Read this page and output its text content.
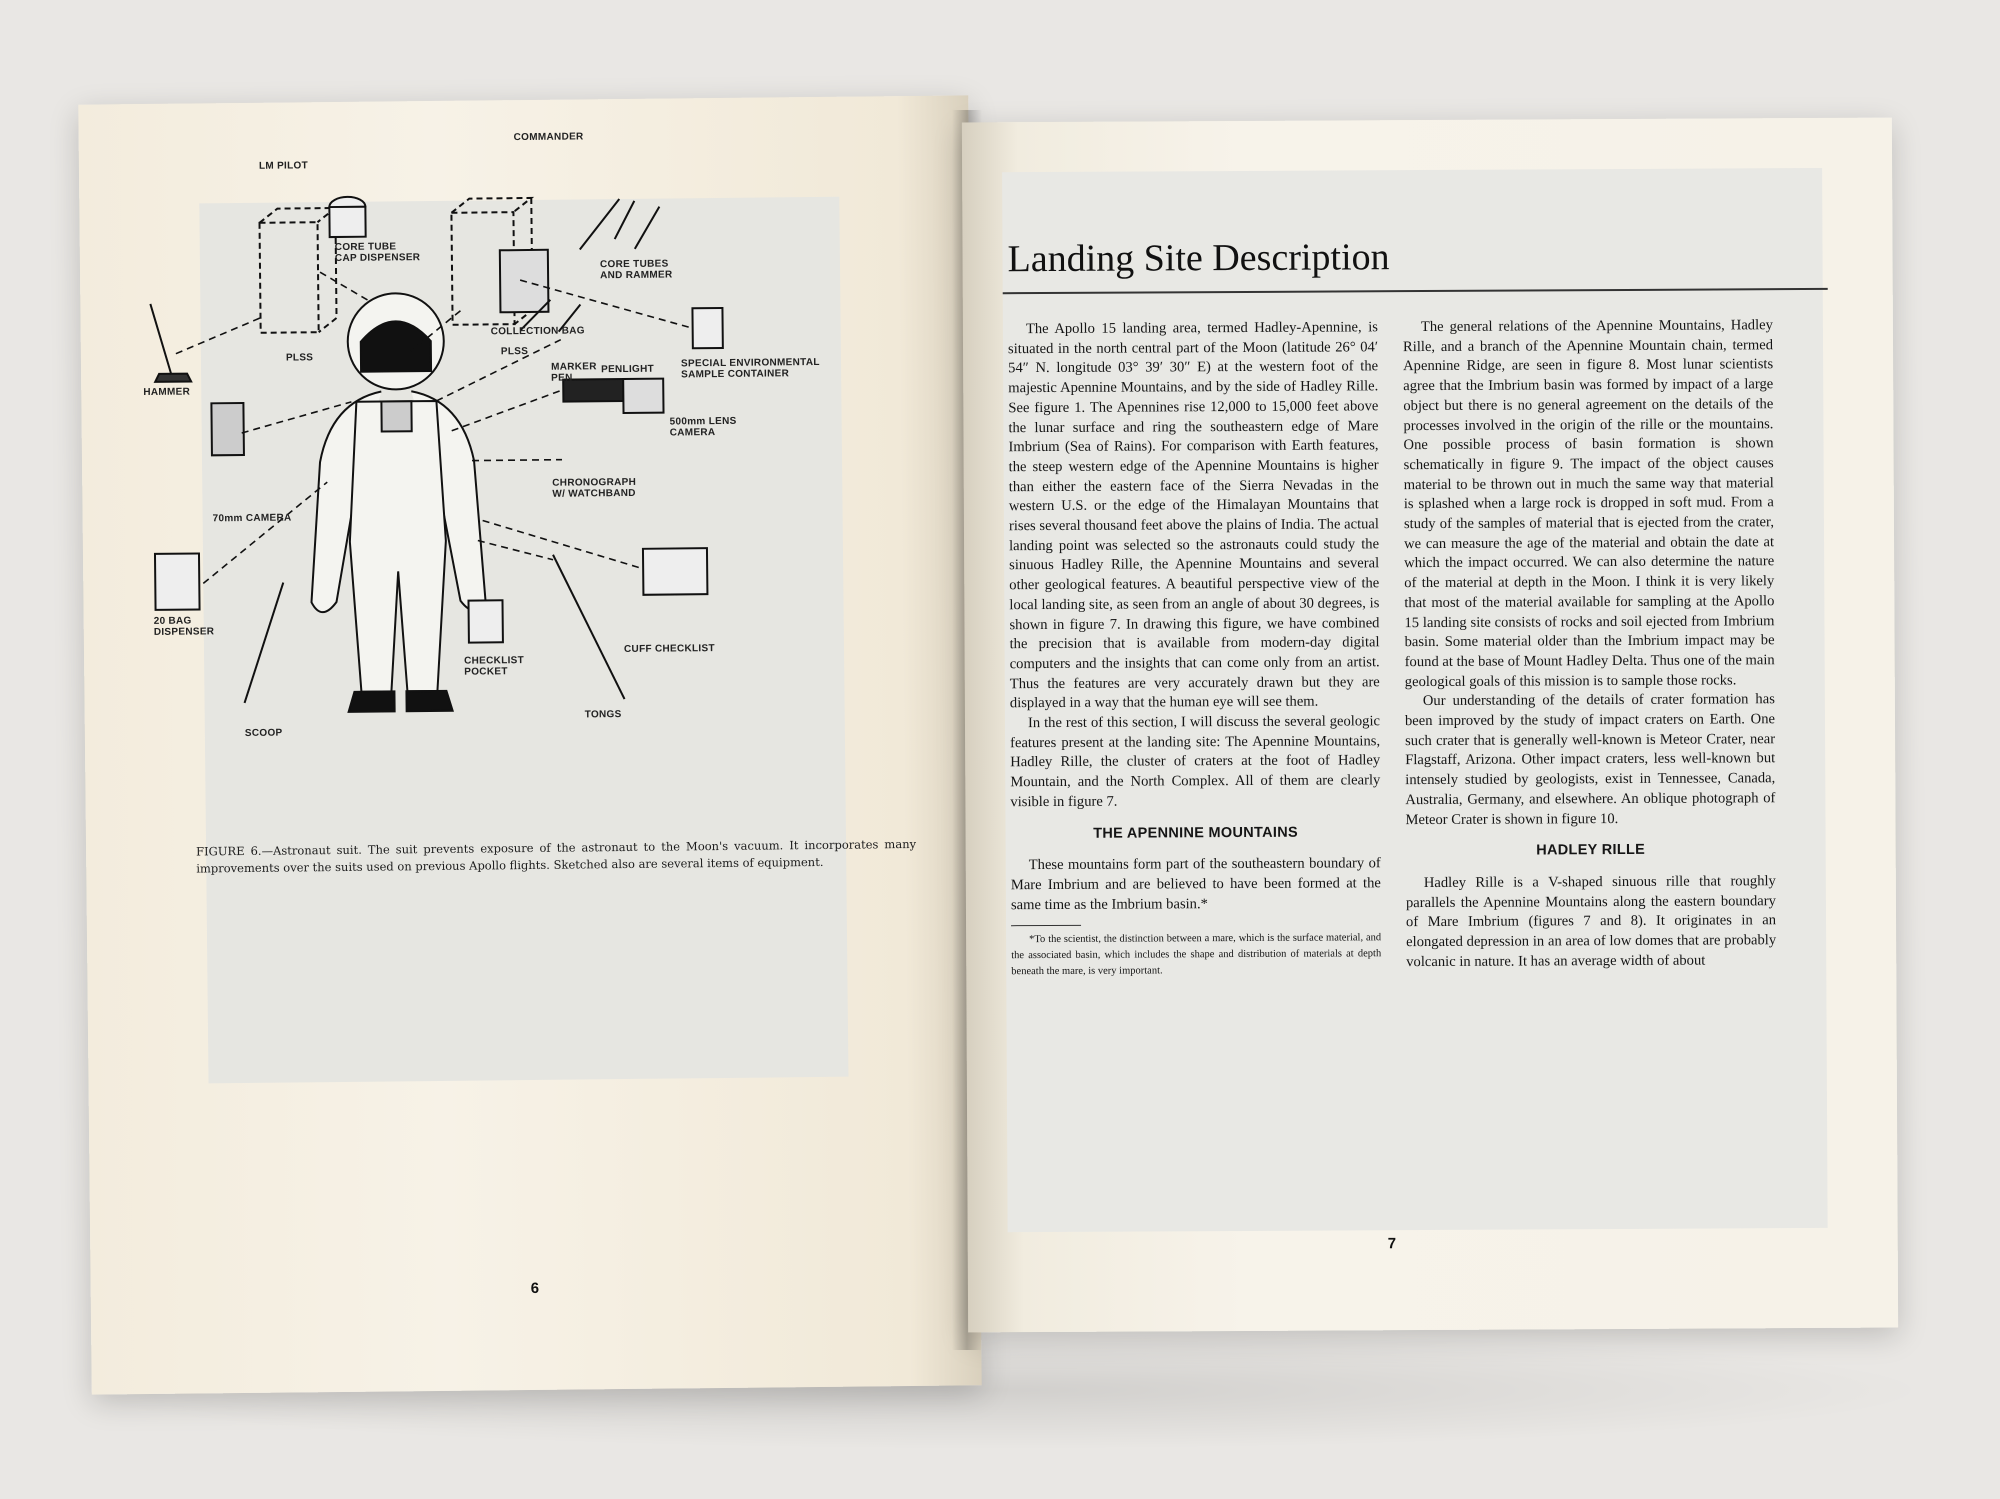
COMMANDER
LM PILOT
CORE TUBE
CAP DISPENSER
CORE TUBES
AND RAMMER
COLLECTION BAG
PLSS
PLSS
HAMMER
MARKER
PEN
PENLIGHT
SPECIAL ENVIRONMENTAL
SAMPLE CONTAINER
500mm LENS
CAMERA
CHRONOGRAPH
W/ WATCHBAND
70mm CAMERA
20 BAG
DISPENSER
CHECKLIST
POCKET
CUFF CHECKLIST
TONGS
SCOOP
FIGURE 6.—Astronaut suit. The suit prevents exposure of the astronaut to the Moon's vacuum. It incorporates many improvements over the suits used on previous Apollo flights. Sketched also are several items of equipment.
6
Landing Site Description

The Apollo 15 landing area, termed Hadley-Apennine, is situated in the north central part of the Moon (latitude 26° 04′ 54″ N. longitude 03° 39′ 30″ E) at the western foot of the majestic Apennine Mountains, and by the side of Hadley Rille. See figure 1. The Apennines rise 12,000 to 15,000 feet above the lunar surface and ring the southeastern edge of Mare Imbrium (Sea of Rains). For comparison with Earth features, the steep western edge of the Apennine Mountains is higher than either the eastern face of the Sierra Nevadas in the western U.S. or the edge of the Himalayan Mountains that rises several thousand feet above the plains of India. The actual landing point was selected so the astronauts could study the sinuous Hadley Rille, the Apennine Mountains and several other geological features. A beautiful perspective view of the local landing site, as seen from an angle of about 30 degrees, is shown in figure 7. In drawing this figure, we have combined the precision that is available from modern-day digital computers and the insights that can come only from an artist. Thus the features are very accurately drawn but they are displayed in a way that the human eye will see them.

In the rest of this section, I will discuss the several geologic features present at the landing site: The Apennine Mountains, Hadley Rille, the cluster of craters at the foot of Hadley Mountain, and the North Complex. All of them are clearly visible in figure 7.

THE APENNINE MOUNTAINS

These mountains form part of the southeastern boundary of Mare Imbrium and are believed to have been formed at the same time as the Imbrium basin.*

*To the scientist, the distinction between a mare, which is the surface material, and the associated basin, which includes the shape and distribution of materials at depth beneath the mare, is very important.

The general relations of the Apennine Mountains, Hadley Rille, and a branch of the Apennine Mountain chain, termed Apennine Ridge, are seen in figure 8. Most lunar scientists agree that the Imbrium basin was formed by impact of a large object but there is no general agreement on the details of the processes involved in the origin of the rille or the mountains. One possible process of basin formation is shown schematically in figure 9. The impact of the object causes material to be thrown out in much the same way that material is splashed when a large rock is dropped in soft mud. From a study of the samples of material that is ejected from the crater, we can measure the age of the material and obtain the date at which the impact occurred. We can also determine the nature of the material at depth in the Moon. I think it is very likely that most of the material available for sampling at the Apollo 15 landing site consists of rocks and soil ejected from Imbrium basin. Some material older than the Imbrium impact may be found at the base of Mount Hadley Delta. Thus one of the main geological goals of this mission is to sample those rocks.

Our understanding of the details of crater formation has been improved by the study of impact craters on Earth. One such crater that is generally well-known is Meteor Crater, near Flagstaff, Arizona. Other impact craters, less well-known but intensely studied by geologists, exist in Tennessee, Canada, Australia, Germany, and elsewhere. An oblique photograph of Meteor Crater is shown in figure 10.

HADLEY RILLE

Hadley Rille is a V-shaped sinuous rille that roughly parallels the Apennine Mountains along the eastern boundary of Mare Imbrium (figures 7 and 8). It originates in an elongated depression in an area of low domes that are probably volcanic in nature. It has an average width of about

7
